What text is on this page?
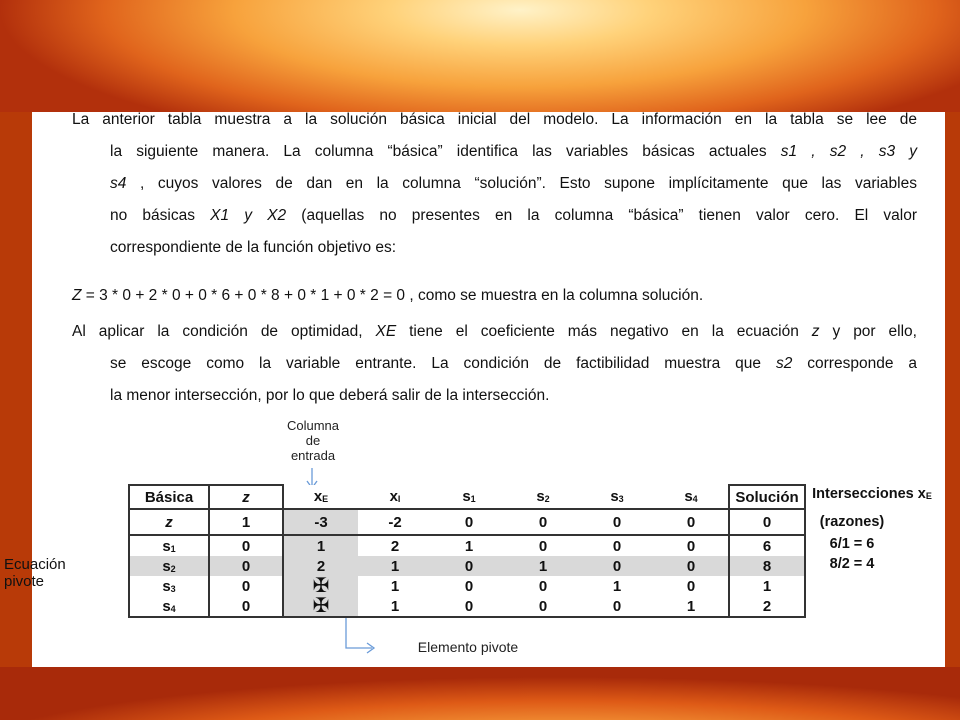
La anterior tabla muestra a la solución básica inicial del modelo. La información en la tabla se lee de
la siguiente manera. La columna “básica” identifica las variables básicas actuales s1 , s2 , s3 y
s4 , cuyos valores de dan en la columna “solución”. Esto supone implícitamente que las variables
no básicas X1 y X2 (aquellas no presentes en la columna “básica” tienen valor cero. El valor
correspondiente de la función objetivo es:
Z = 3 * 0 + 2 * 0 + 0 * 6 + 0 * 8 + 0 * 1 + 0 * 2 = 0 , como se muestra en la columna solución.
Al aplicar la condición de optimidad, XE tiene el coeficiente más negativo en la ecuación z y por ello,
se escoge como la variable entrante. La condición de factibilidad muestra que s2 corresponde a
la menor intersección, por lo que deberá salir de la intersección.
Columna
de
entrada
Básica	z	xE	xI	s1	s2	s3	s4	Solución
z	1	-3	-2	0	0	0	0	0
s1	0	1	2	1	0	0	0	6
s2	0	2	1	0	1	0	0	8
s3	0	✠	1	0	0	1	0	1
s4	0	✠	1	0	0	0	1	2
Ecuación
pivote
Intersecciones xE
(razones)
6/1 = 6
8/2 = 4
Elemento pivote
